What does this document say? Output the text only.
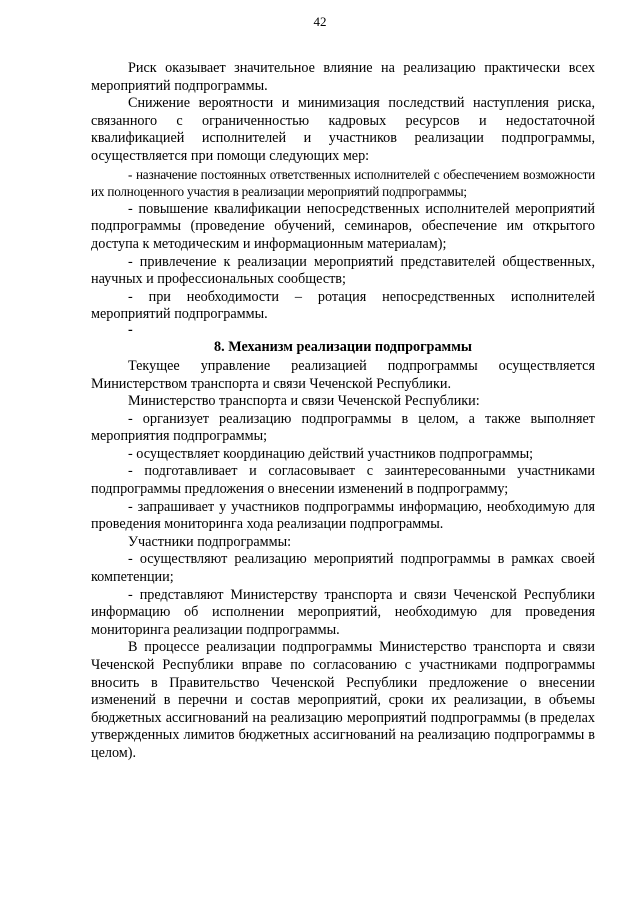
42

Риск оказывает значительное влияние на реализацию практически всех мероприятий подпрограммы.

Снижение вероятности и минимизация последствий наступления риска, связанного с ограниченностью кадровых ресурсов и недостаточной квалификацией исполнителей и участников реализации подпрограммы, осуществляется при помощи следующих мер:

- назначение постоянных ответственных исполнителей с обеспечением возможности их полноценного участия в реализации мероприятий подпрограммы;

- повышение квалификации непосредственных исполнителей мероприятий подпрограммы (проведение обучений, семинаров, обеспечение им открытого доступа к методическим и информационным материалам);

- привлечение к реализации мероприятий представителей общественных, научных и профессиональных сообществ;

- при необходимости – ротация непосредственных исполнителей мероприятий подпрограммы.

-

8. Механизм реализации подпрограммы

Текущее управление реализацией подпрограммы осуществляется Министерством транспорта и связи Чеченской Республики.

Министерство транспорта и связи Чеченской Республики:

- организует реализацию подпрограммы в целом, а также выполняет мероприятия подпрограммы;

- осуществляет координацию действий участников подпрограммы;

- подготавливает и согласовывает с заинтересованными участниками подпрограммы предложения о внесении изменений в подпрограмму;

- запрашивает у участников подпрограммы информацию, необходимую для проведения мониторинга хода реализации подпрограммы.

Участники подпрограммы:

- осуществляют реализацию мероприятий подпрограммы в рамках своей компетенции;

- представляют Министерству транспорта и связи Чеченской Республики информацию об исполнении мероприятий, необходимую для проведения мониторинга реализации подпрограммы.

В процессе реализации подпрограммы Министерство транспорта и связи Чеченской Республики вправе по согласованию с участниками подпрограммы вносить в Правительство Чеченской Республики предложение о внесении изменений в перечни и состав мероприятий, сроки их реализации, в объемы бюджетных ассигнований на реализацию мероприятий подпрограммы (в пределах утвержденных лимитов бюджетных ассигнований на реализацию подпрограммы в целом).
